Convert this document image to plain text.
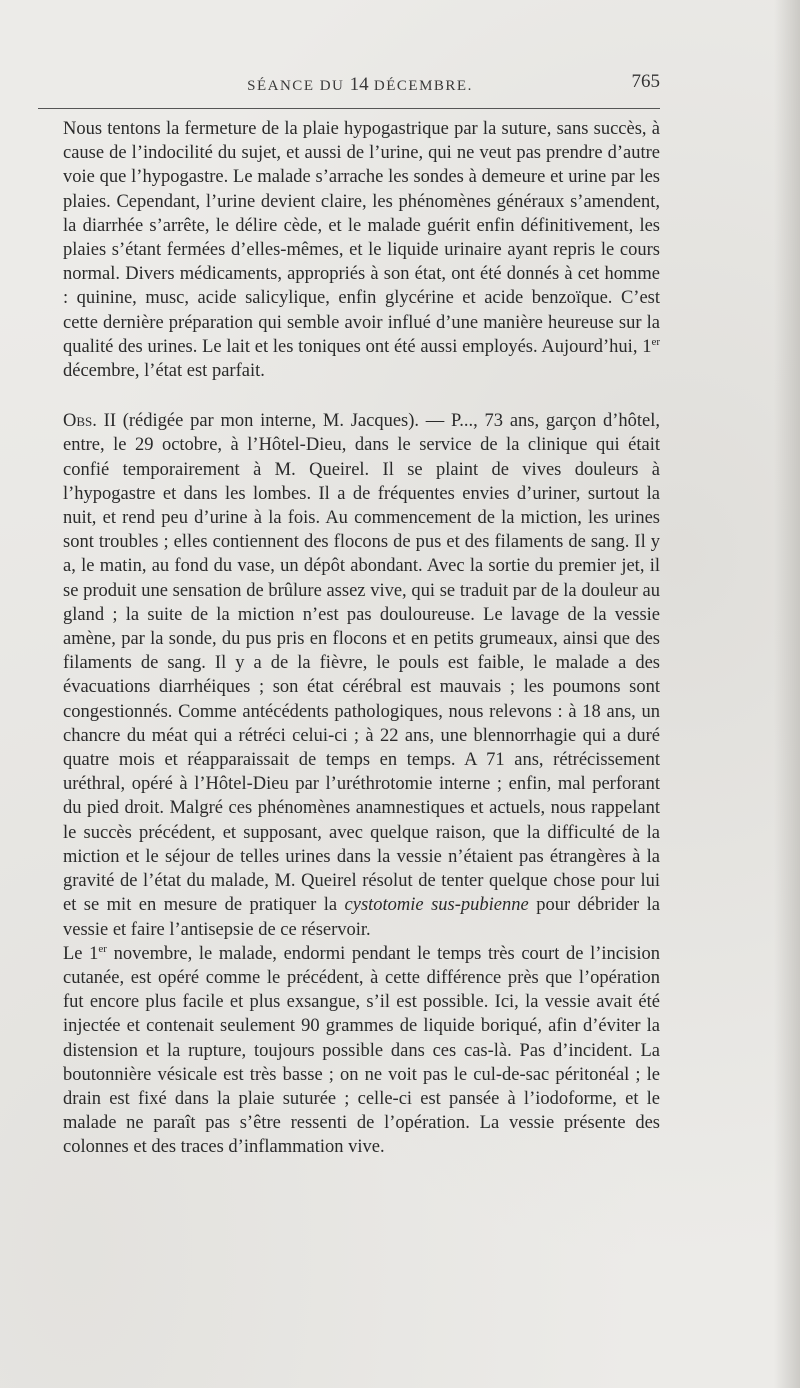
SÉANCE DU 14 DÉCEMBRE.	765

Nous tentons la fermeture de la plaie hypogastrique par la suture, sans succès, à cause de l’indocilité du sujet, et aussi de l’urine, qui ne veut pas prendre d’autre voie que l’hypogastre. Le malade s’arrache les sondes à demeure et urine par les plaies. Cependant, l’urine devient claire, les phénomènes généraux s’amendent, la diarrhée s’arrête, le délire cède, et le malade guérit enfin définitivement, les plaies s’étant fermées d’elles-mêmes, et le liquide urinaire ayant repris le cours normal. Divers médicaments, appropriés à son état, ont été donnés à cet homme : quinine, musc, acide salicylique, enfin glycérine et acide benzoïque. C’est cette dernière préparation qui semble avoir influé d’une manière heureuse sur la qualité des urines. Le lait et les toniques ont été aussi employés. Aujourd’hui, 1er décembre, l’état est parfait.

Obs. II (rédigée par mon interne, M. Jacques). — P..., 73 ans, garçon d’hôtel, entre, le 29 octobre, à l’Hôtel-Dieu, dans le service de la clinique qui était confié temporairement à M. Queirel. Il se plaint de vives douleurs à l’hypogastre et dans les lombes. Il a de fréquentes envies d’uriner, surtout la nuit, et rend peu d’urine à la fois. Au commencement de la miction, les urines sont troubles ; elles contiennent des flocons de pus et des filaments de sang. Il y a, le matin, au fond du vase, un dépôt abondant. Avec la sortie du premier jet, il se produit une sensation de brûlure assez vive, qui se traduit par de la douleur au gland ; la suite de la miction n’est pas douloureuse. Le lavage de la vessie amène, par la sonde, du pus pris en flocons et en petits grumeaux, ainsi que des filaments de sang. Il y a de la fièvre, le pouls est faible, le malade a des évacuations diarrhéiques ; son état cérébral est mauvais ; les poumons sont congestionnés. Comme antécédents pathologiques, nous relevons : à 18 ans, un chancre du méat qui a rétréci celui-ci ; à 22 ans, une blennorrhagie qui a duré quatre mois et réapparaissait de temps en temps. A 71 ans, rétrécissement uréthral, opéré à l’Hôtel-Dieu par l’uréthrotomie interne ; enfin, mal perforant du pied droit. Malgré ces phénomènes anamnestiques et actuels, nous rappelant le succès précédent, et supposant, avec quelque raison, que la difficulté de la miction et le séjour de telles urines dans la vessie n’étaient pas étrangères à la gravité de l’état du malade, M. Queirel résolut de tenter quelque chose pour lui et se mit en mesure de pratiquer la cystotomie sus-pubienne pour débrider la vessie et faire l’antisepsie de ce réservoir.

Le 1er novembre, le malade, endormi pendant le temps très court de l’incision cutanée, est opéré comme le précédent, à cette différence près que l’opération fut encore plus facile et plus exsangue, s’il est possible. Ici, la vessie avait été injectée et contenait seulement 90 grammes de liquide boriqué, afin d’éviter la distension et la rupture, toujours possible dans ces cas-là. Pas d’incident. La boutonnière vésicale est très basse ; on ne voit pas le cul-de-sac péritonéal ; le drain est fixé dans la plaie suturée ; celle-ci est pansée à l’iodoforme, et le malade ne paraît pas s’être ressenti de l’opération. La vessie présente des colonnes et des traces d’inflammation vive.
